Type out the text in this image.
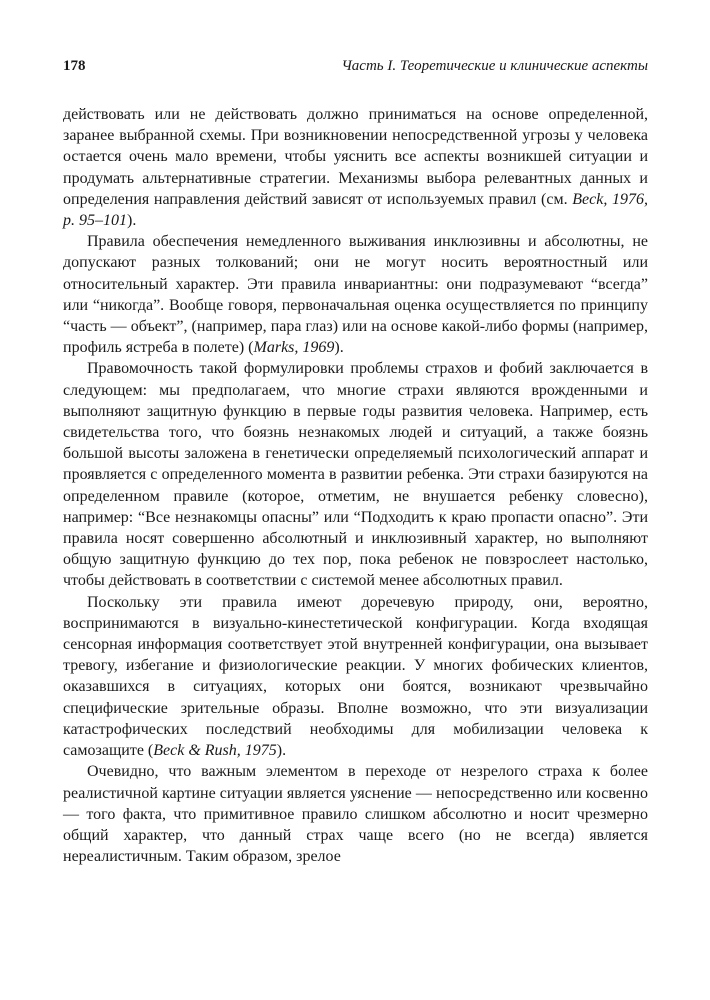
178	Часть I. Теоретические и клинические аспекты

действовать или не действовать должно приниматься на основе определенной, заранее выбранной схемы. При возникновении непосредственной угрозы у человека остается очень мало времени, чтобы уяснить все аспекты возникшей ситуации и продумать альтернативные стратегии. Механизмы выбора релевантных данных и определения направления действий зависят от используемых правил (см. Beck, 1976, p. 95–101).

Правила обеспечения немедленного выживания инклюзивны и абсолютны, не допускают разных толкований; они не могут носить вероятностный или относительный характер. Эти правила инвариантны: они подразумевают “всегда” или “никогда”. Вообще говоря, первоначальная оценка осуществляется по принципу “часть — объект”, (например, пара глаз) или на основе какой-либо формы (например, профиль ястреба в полете) (Marks, 1969).

Правомочность такой формулировки проблемы страхов и фобий заключается в следующем: мы предполагаем, что многие страхи являются врожденными и выполняют защитную функцию в первые годы развития человека. Например, есть свидетельства того, что боязнь незнакомых людей и ситуаций, а также боязнь большой высоты заложена в генетически определяемый психологический аппарат и проявляется с определенного момента в развитии ребенка. Эти страхи базируются на определенном правиле (которое, отметим, не внушается ребенку словесно), например: “Все незнакомцы опасны” или “Подходить к краю пропасти опасно”. Эти правила носят совершенно абсолютный и инклюзивный характер, но выполняют общую защитную функцию до тех пор, пока ребенок не повзрослеет настолько, чтобы действовать в соответствии с системой менее абсолютных правил.

Поскольку эти правила имеют доречевую природу, они, вероятно, воспринимаются в визуально-кинестетической конфигурации. Когда входящая сенсорная информация соответствует этой внутренней конфигурации, она вызывает тревогу, избегание и физиологические реакции. У многих фобических клиентов, оказавшихся в ситуациях, которых они боятся, возникают чрезвычайно специфические зрительные образы. Вполне возможно, что эти визуализации катастрофических последствий необходимы для мобилизации человека к самозащите (Beck & Rush, 1975).

Очевидно, что важным элементом в переходе от незрелого страха к более реалистичной картине ситуации является уяснение — непосредственно или косвенно — того факта, что примитивное правило слишком абсолютно и носит чрезмерно общий характер, что данный страх чаще всего (но не всегда) является нереалистичным. Таким образом, зрелое
